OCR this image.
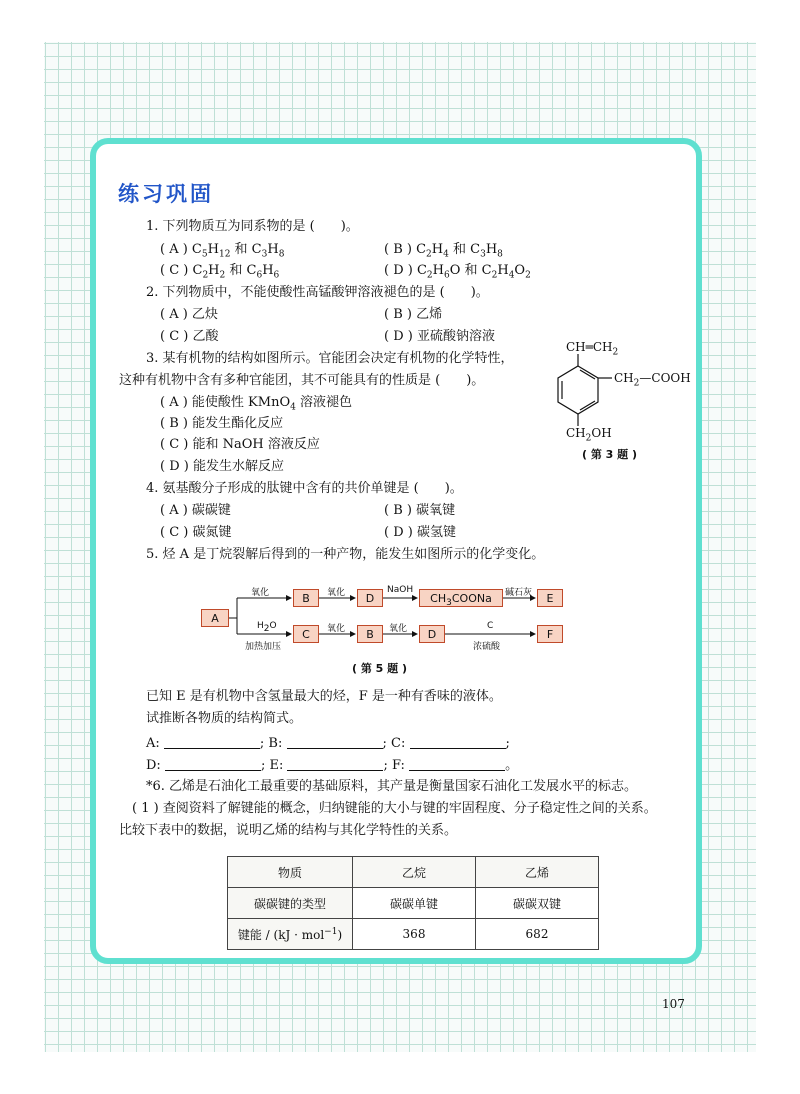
练习巩固
1. 下列物质互为同系物的是 (　　)。
( A ) $C_5H_{12}$ 和 $C_3H_8$	( B ) $C_2H_4$ 和 $C_3H_8$
( C ) $C_2H_2$ 和 $C_6H_6$	( D ) $C_2H_6O$ 和 $C_2H_4O_2$
2. 下列物质中，不能使酸性高锰酸钾溶液褪色的是 (　　)。
( A ) 乙炔	( B ) 乙烯
( C ) 乙酸	( D ) 亚硫酸钠溶液
3. 某有机物的结构如图所示。官能团会决定有机物的化学特性，
这种有机物中含有多种官能团，其不可能具有的性质是 (　　)。
( A ) 能使酸性 KMnO$_4$ 溶液褪色
( B ) 能发生酯化反应
( C ) 能和 NaOH 溶液反应
( D ) 能发生水解反应
$CH═CH_2$
$CH_2—COOH$
$CH_2OH$
( 第 3 题 )
4. 氨基酸分子形成的肽键中含有的共价单键是 (　　)。
( A ) 碳碳键	( B ) 碳氧键
( C ) 碳氮键	( D ) 碳氢键
5. 烃 A 是丁烷裂解后得到的一种产物，能发生如图所示的化学变化。
A
B	D	$CH_3COONa$	E
C	B	D	F
氧化	氧化	NaOH	碱石灰
$H_2O$
加热加压
氧化	氧化	C
浓硫酸
( 第 5 题 )
已知 E 是有机物中含氢量最大的烃，F 是一种有香味的液体。
试推断各物质的结构简式。
A:	; B:	; C:	;
D:	; E:	; F:	。
*6. 乙烯是石油化工最重要的基础原料，其产量是衡量国家石油化工发展水平的标志。
( 1 ) 查阅资料了解键能的概念，归纳键能的大小与键的牢固程度、分子稳定性之间的关系。
比较下表中的数据，说明乙烯的结构与其化学特性的关系。
物质	乙烷	乙烯
碳碳键的类型	碳碳单键	碳碳双键
键能 / (kJ · mol$^{-1}$)	368	682
107
